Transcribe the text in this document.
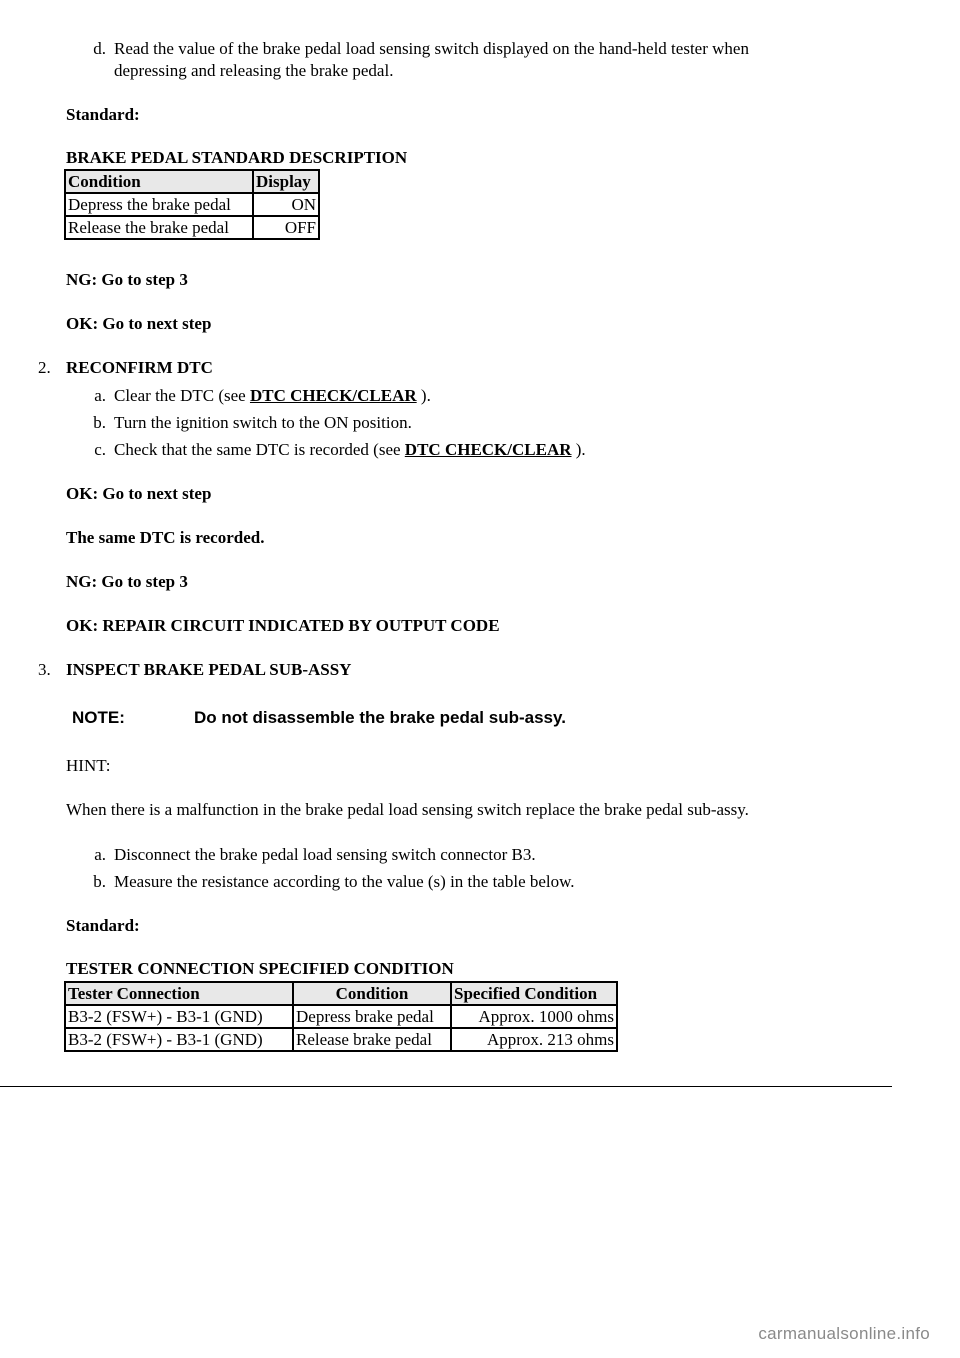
d. Read the value of the brake pedal load sensing switch displayed on the hand-held tester when
depressing and releasing the brake pedal.
Standard:
BRAKE PEDAL STANDARD DESCRIPTION
Condition	Display
Depress the brake pedal	ON
Release the brake pedal	OFF
NG: Go to step 3
OK: Go to next step
2. RECONFIRM DTC
a. Clear the DTC (see DTC CHECK/CLEAR ).
b. Turn the ignition switch to the ON position.
c. Check that the same DTC is recorded (see DTC CHECK/CLEAR ).
OK: Go to next step
The same DTC is recorded.
NG: Go to step 3
OK: REPAIR CIRCUIT INDICATED BY OUTPUT CODE
3. INSPECT BRAKE PEDAL SUB-ASSY
NOTE:	Do not disassemble the brake pedal sub-assy.
HINT:
When there is a malfunction in the brake pedal load sensing switch replace the brake pedal sub-assy.
a. Disconnect the brake pedal load sensing switch connector B3.
b. Measure the resistance according to the value (s) in the table below.
Standard:
TESTER CONNECTION SPECIFIED CONDITION
Tester Connection	Condition	Specified Condition
B3-2 (FSW+) - B3-1 (GND)	Depress brake pedal	Approx. 1000 ohms
B3-2 (FSW+) - B3-1 (GND)	Release brake pedal	Approx. 213 ohms
carmanualsonline.info
